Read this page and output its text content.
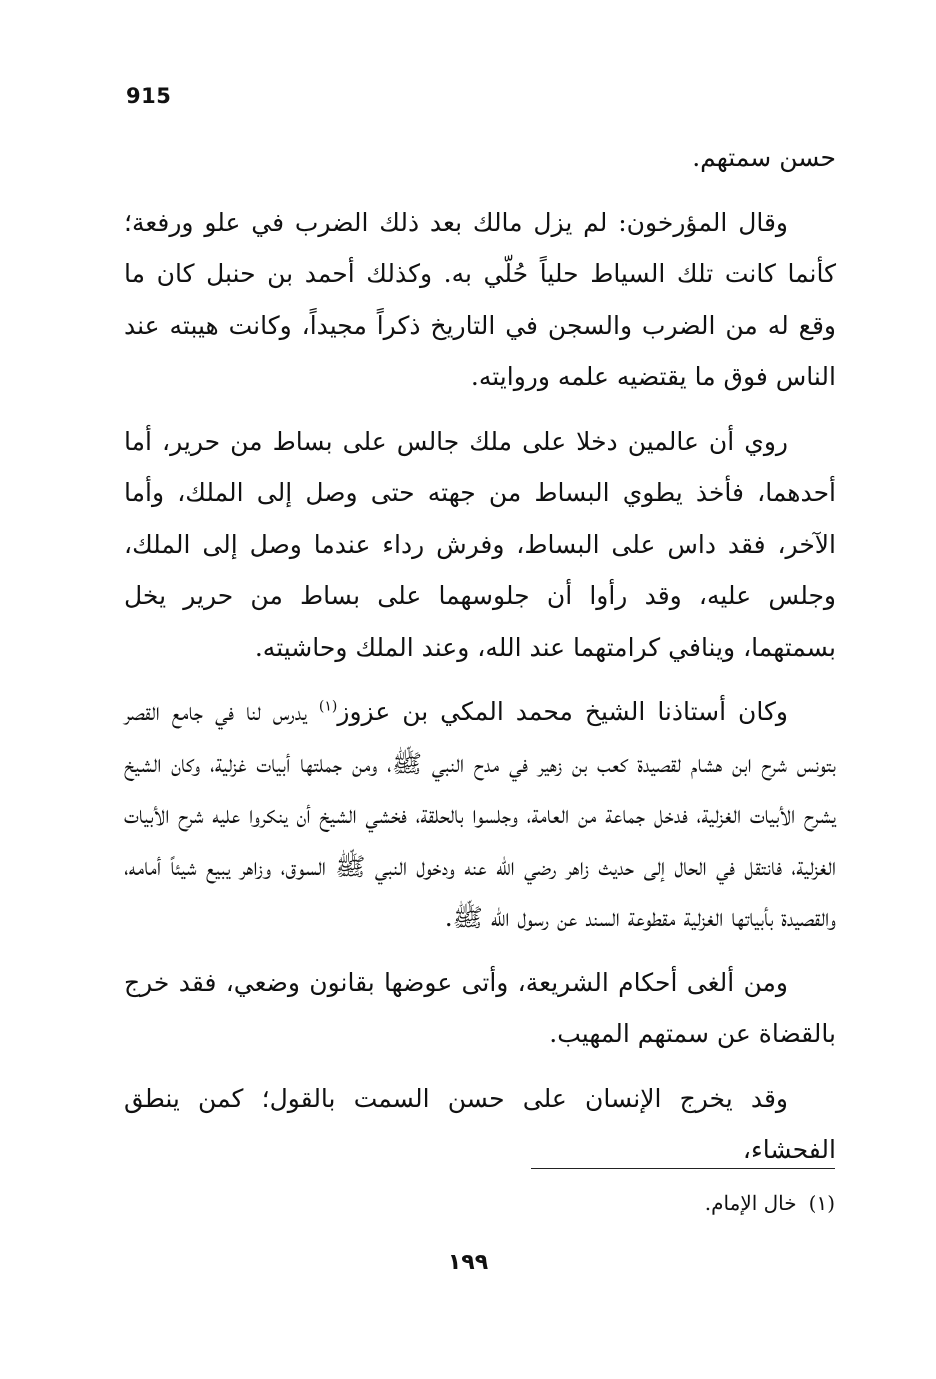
915

حسن سمتهم.

وقال المؤرخون: لم يزل مالك بعد ذلك الضرب في علو ورفعة؛ كأنما كانت تلك السياط حلياً حُلّي به. وكذلك أحمد بن حنبل كان ما وقع له من الضرب والسجن في التاريخ ذكراً مجيداً، وكانت هيبته عند الناس فوق ما يقتضيه علمه وروايته.

روي أن عالمين دخلا على ملك جالس على بساط من حرير، أما أحدهما، فأخذ يطوي البساط من جهته حتى وصل إلى الملك، وأما الآخر، فقد داس على البساط، وفرش رداء عندما وصل إلى الملك، وجلس عليه، وقد رأوا أن جلوسهما على بساط من حرير يخل بسمتهما، وينافي كرامتهما عند الله، وعند الملك وحاشيته.

وكان أستاذنا الشيخ محمد المكي بن عزوز$^{(١)}$ يدرس لنا في جامع القصر بتونس شرح ابن هشام لقصيدة كعب بن زهير في مدح النبي ﷺ، ومن جملتها أبيات غزلية، وكان الشيخ يشرح الأبيات الغزلية، فدخل جماعة من العامة، وجلسوا بالحلقة، فخشي الشيخ أن ينكروا عليه شرح الأبيات الغزلية، فانتقل في الحال إلى حديث زاهر رضي الله عنه ودخول النبي ﷺ السوق، وزاهر يبيع شيئاً أمامه، والقصيدة بأبياتها الغزلية مقطوعة السند عن رسول الله ﷺ.

ومن ألغى أحكام الشريعة، وأتى عوضها بقانون وضعي، فقد خرج بالقضاة عن سمتهم المهيب.

وقد يخرج الإنسان على حسن السمت بالقول؛ كمن ينطق الفحشاء،

(١)خال الإمام.
١٩٩
